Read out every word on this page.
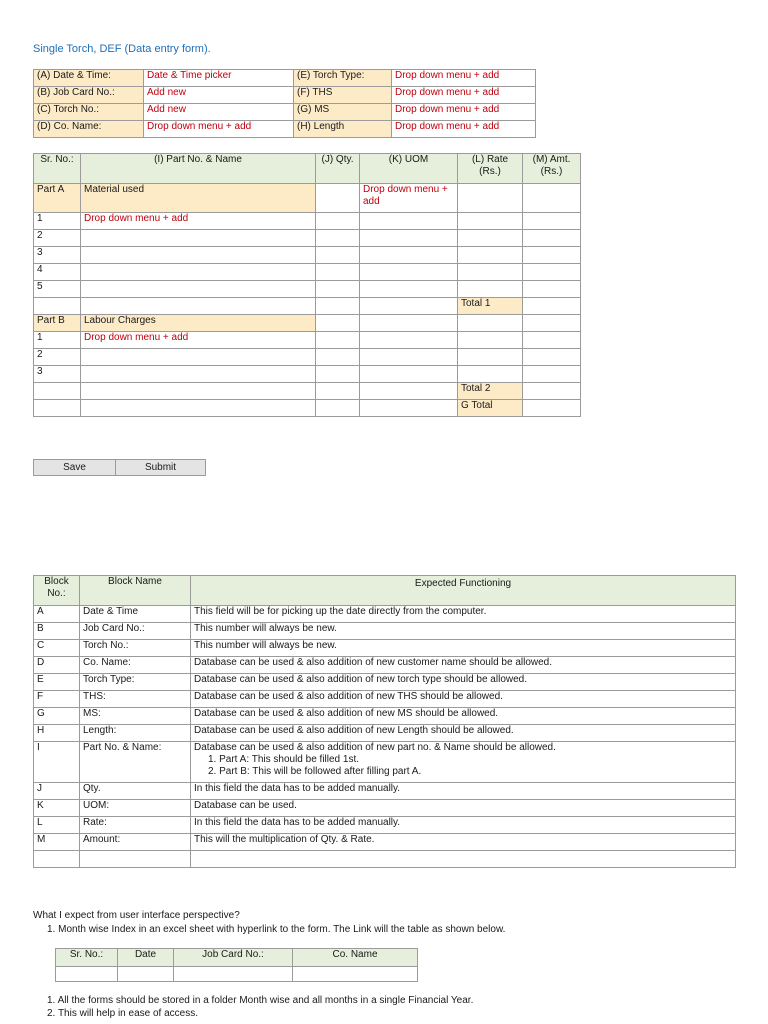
Single Torch, DEF (Data entry form).
(A) Date & Time:	Date & Time picker	(E) Torch Type:	Drop down menu + add
(B) Job Card No.:	Add new	(F) THS	Drop down menu + add
(C) Torch No.:	Add new	(G) MS	Drop down menu + add
(D) Co. Name:	Drop down menu + add	(H) Length	Drop down menu + add
Sr. No.:	(I) Part No. & Name	(J) Qty.	(K) UOM	(L) Rate (Rs.)	(M) Amt. (Rs.)
Part A	Material used		Drop down menu + add		
1	Drop down menu + add				
2					
3					
4					
5					
				Total 1	
Part B	Labour Charges				
1	Drop down menu + add				
2					
3					
				Total 2	
				G Total	
Save	Submit
Block No.:	Block Name	Expected Functioning
A	Date & Time	This field will be for picking up the date directly from the computer.
B	Job Card No.:	This number will always be new.
C	Torch No.:	This number will always be new.
D	Co. Name:	Database can be used & also addition of new customer name should be allowed.
E	Torch Type:	Database can be used & also addition of new torch type should be allowed.
F	THS:	Database can be used & also addition of new THS should be allowed.
G	MS:	Database can be used & also addition of new MS should be allowed.
H	Length:	Database can be used & also addition of new Length should be allowed.
I	Part No. & Name:	Database can be used & also addition of new part no. & Name should be allowed.
1. Part A: This should be filled 1st.
2. Part B: This will be followed after filling part A.

J	Qty.	In this field the data has to be added manually.
K	UOM:	Database can be used.
L	Rate:	In this field the data has to be added manually.
M	Amount:	This will the multiplication of Qty. & Rate.

What I expect from user interface perspective?
1. Month wise Index in an excel sheet with hyperlink to the form. The Link will the table as shown below.
Sr. No.:	Date	Job Card No.:	Co. Name

1. All the forms should be stored in a folder Month wise and all months in a single Financial Year.
2. This will help in ease of access.
